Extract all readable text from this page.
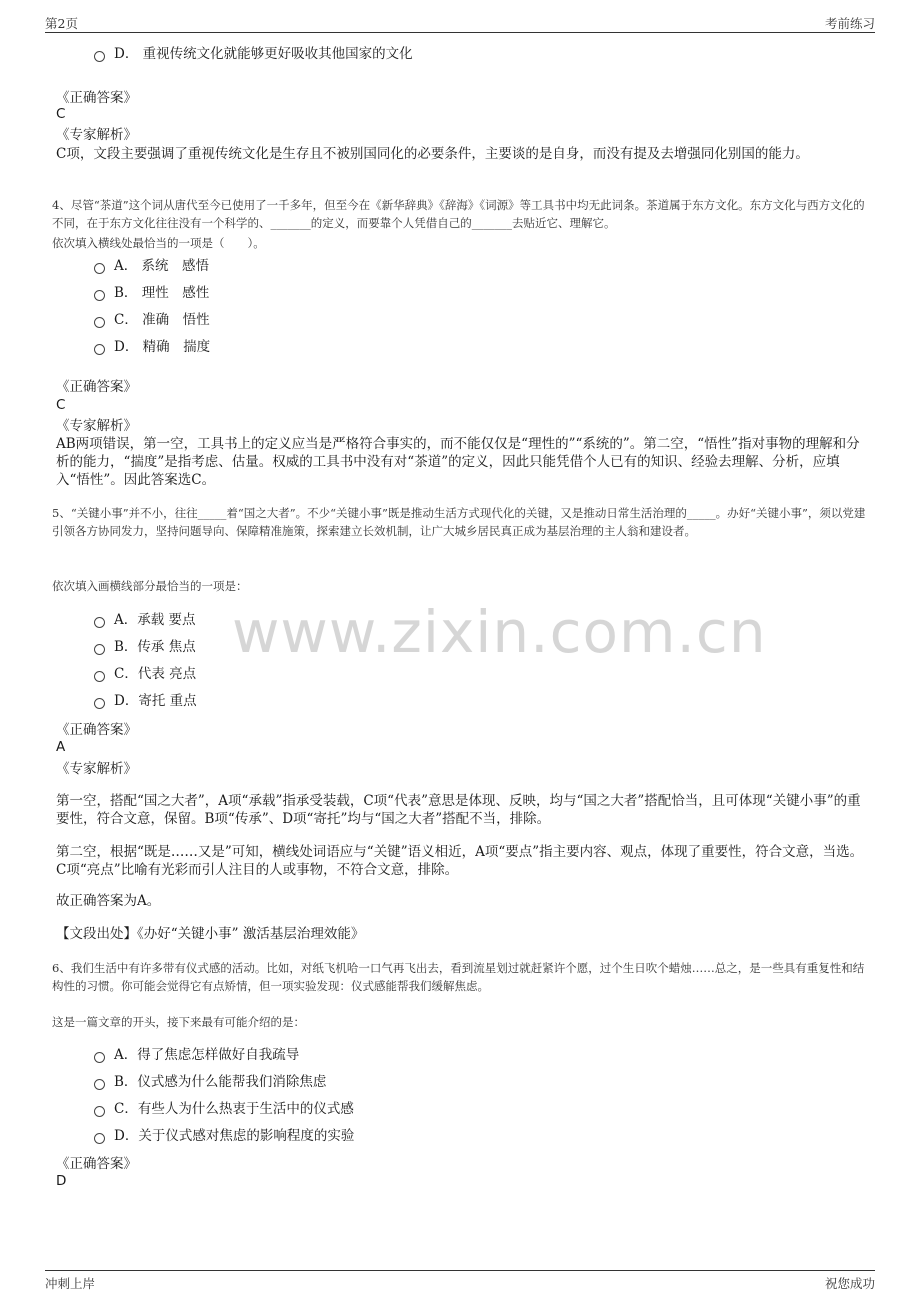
第2页	考前练习
www.zixin.com.cn
D． 重视传统文化就能够更好吸收其他国家的文化
《正确答案》
C
《专家解析》
C项，文段主要强调了重视传统文化是生存且不被别国同化的必要条件，主要谈的是自身，而没有提及去增强同化别国的能力。
4、尽管“茶道”这个词从唐代至今已使用了一千多年，但至今在《新华辞典》《辞海》《词源》等工具书中均无此词条。茶道属于东方文化。东方文化与西方文化的不同，在于东方文化往往没有一个科学的、_______的定义，而要靠个人凭借自己的_______去贴近它、理解它。
依次填入横线处最恰当的一项是（　　）。
A． 系统　感悟
B． 理性　感性
C． 准确　悟性
D． 精确　揣度
《正确答案》
C
《专家解析》
AB两项错误，第一空，工具书上的定义应当是严格符合事实的，而不能仅仅是“理性的”“系统的”。第二空，“悟性”指对事物的理解和分析的能力，“揣度”是指考虑、估量。权威的工具书中没有对“茶道”的定义，因此只能凭借个人已有的知识、经验去理解、分析，应填入“悟性”。因此答案选C。
5、“关键小事”并不小，往往_____着“国之大者”。不少“关键小事”既是推动生活方式现代化的关键，又是推动日常生活治理的_____。办好“关键小事”，须以党建引领各方协同发力，坚持问题导向、保障精准施策，探索建立长效机制，让广大城乡居民真正成为基层治理的主人翁和建设者。
依次填入画横线部分最恰当的一项是：
A．承载 要点
B．传承 焦点
C．代表 亮点
D．寄托 重点
《正确答案》
A
《专家解析》
第一空，搭配“国之大者”，A项“承载”指承受装载，C项“代表”意思是体现、反映，均与“国之大者”搭配恰当，且可体现“关键小事”的重要性，符合文意，保留。B项“传承”、D项“寄托”均与“国之大者”搭配不当，排除。
第二空，根据“既是……又是”可知，横线处词语应与“关键”语义相近，A项“要点”指主要内容、观点，体现了重要性，符合文意，当选。C项“亮点”比喻有光彩而引人注目的人或事物，不符合文意，排除。
故正确答案为A。
【文段出处】《办好“关键小事” 激活基层治理效能》
6、我们生活中有许多带有仪式感的活动。比如，对纸飞机哈一口气再飞出去，看到流星划过就赶紧许个愿，过个生日吹个蜡烛……总之，是一些具有重复性和结构性的习惯。你可能会觉得它有点矫情，但一项实验发现：仪式感能帮我们缓解焦虑。
这是一篇文章的开头，接下来最有可能介绍的是：
A．得了焦虑怎样做好自我疏导
B．仪式感为什么能帮我们消除焦虑
C．有些人为什么热衷于生活中的仪式感
D．关于仪式感对焦虑的影响程度的实验
《正确答案》
D
冲刺上岸	祝您成功
